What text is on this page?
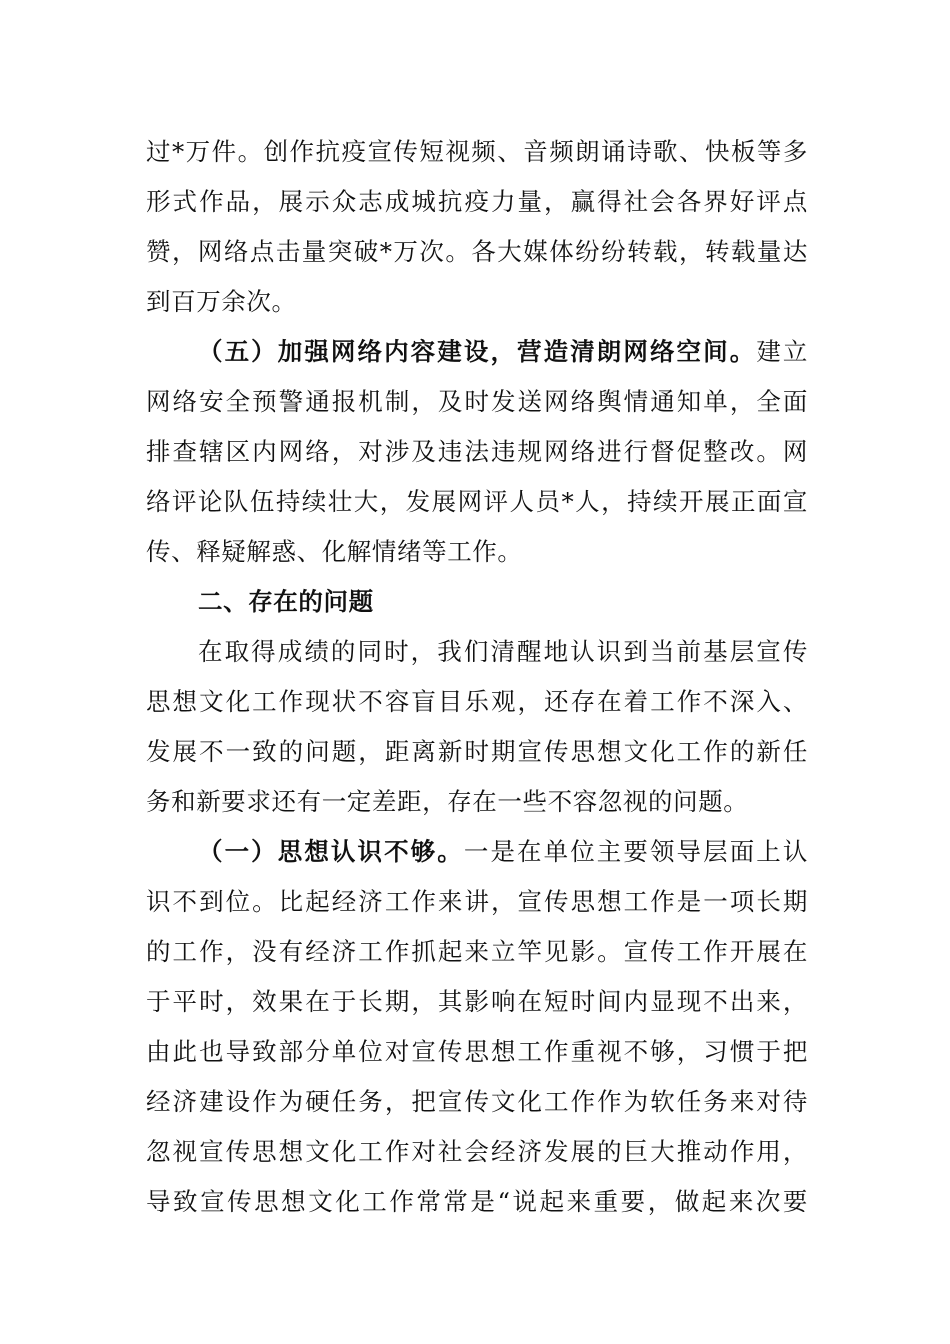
过*万件。创作抗疫宣传短视频、音频朗诵诗歌、快板等多
形式作品，展示众志成城抗疫力量，赢得社会各界好评点
赞，网络点击量突破*万次。各大媒体纷纷转载，转载量达
到百万余次。
（五）加强网络内容建设，营造清朗网络空间。建立
网络安全预警通报机制，及时发送网络舆情通知单，全面
排查辖区内网络，对涉及违法违规网络进行督促整改。网
络评论队伍持续壮大，发展网评人员*人，持续开展正面宣
传、释疑解惑、化解情绪等工作。
二、存在的问题
在取得成绩的同时，我们清醒地认识到当前基层宣传
思想文化工作现状不容盲目乐观，还存在着工作不深入、
发展不一致的问题，距离新时期宣传思想文化工作的新任
务和新要求还有一定差距，存在一些不容忽视的问题。
（一）思想认识不够。一是在单位主要领导层面上认
识不到位。比起经济工作来讲，宣传思想工作是一项长期
的工作，没有经济工作抓起来立竿见影。宣传工作开展在
于平时，效果在于长期，其影响在短时间内显现不出来，
由此也导致部分单位对宣传思想工作重视不够，习惯于把
经济建设作为硬任务，把宣传文化工作作为软任务来对待
忽视宣传思想文化工作对社会经济发展的巨大推动作用，
导致宣传思想文化工作常常是“说起来重要，做起来次要
